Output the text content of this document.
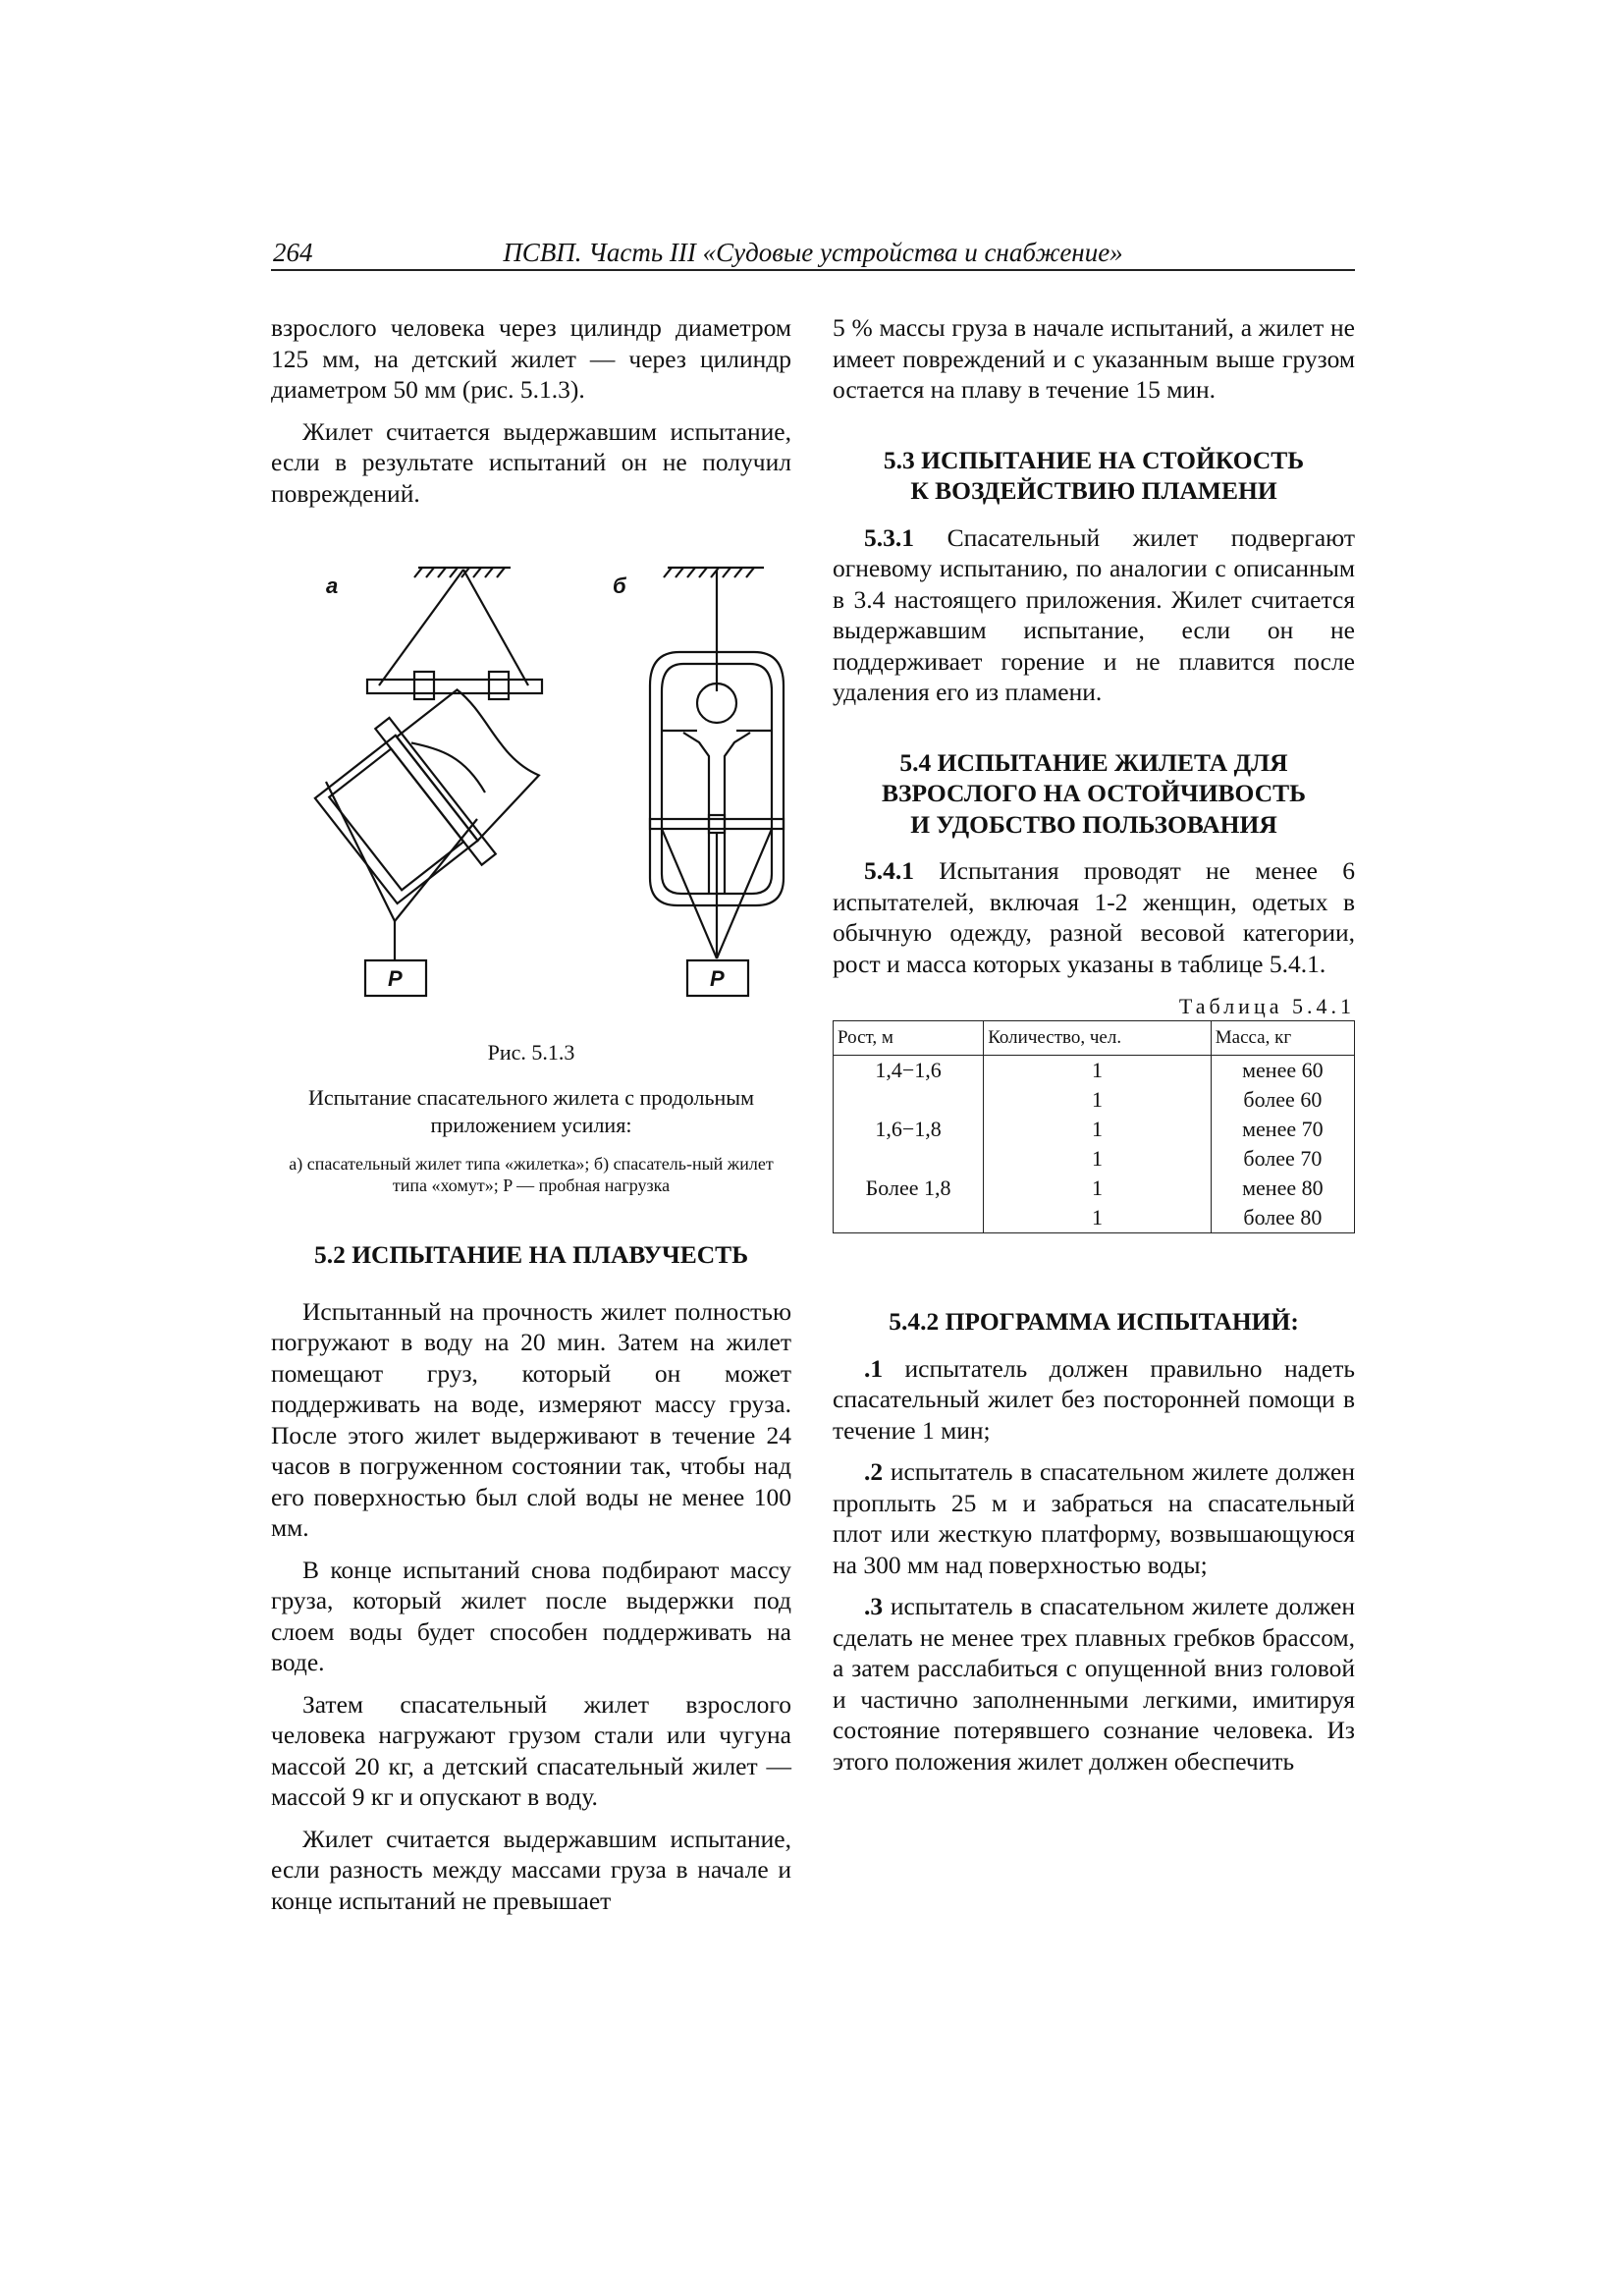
264	ПСВП. Часть III «Судовые устройства и снабжение»

взрослого человека через цилиндр диаметром 125 мм, на детский жилет — через цилиндр диаметром 50 мм (рис. 5.1.3).

Жилет считается выдержавшим испытание, если в результате испытаний он не получил повреждений.

а	б
P	P

Рис. 5.1.3

Испытание спасательного жилета с продольным приложением усилия:

а) спасательный жилет типа «жилетка»; б) спасатель-ный жилет типа «хомут»; P — пробная нагрузка

5.2 ИСПЫТАНИЕ НА ПЛАВУЧЕСТЬ

Испытанный на прочность жилет полностью погружают в воду на 20 мин. Затем на жилет помещают груз, который он может поддерживать на воде, измеряют массу груза. После этого жилет выдерживают в течение 24 часов в погруженном состоянии так, чтобы над его поверхностью был слой воды не менее 100 мм.

В конце испытаний снова подбирают массу груза, который жилет после выдержки под слоем воды будет способен поддерживать на воде.

Затем спасательный жилет взрослого человека нагружают грузом стали или чугуна массой 20 кг, а детский спасательный жилет — массой 9 кг и опускают в воду.

Жилет считается выдержавшим испытание, если разность между массами груза в начале и конце испытаний не превышает

5 % массы груза в начале испытаний, а жилет не имеет повреждений и с указанным выше грузом остается на плаву в течение 15 мин.

5.3 ИСПЫТАНИЕ НА СТОЙКОСТЬ
К ВОЗДЕЙСТВИЮ ПЛАМЕНИ

5.3.1 Спасательный жилет подвергают огневому испытанию, по аналогии с описанным в 3.4 настоящего приложения. Жилет считается выдержавшим испытание, если он не поддерживает горение и не плавится после удаления его из пламени.

5.4 ИСПЫТАНИЕ ЖИЛЕТА ДЛЯ
ВЗРОСЛОГО НА ОСТОЙЧИВОСТЬ
И УДОБСТВО ПОЛЬЗОВАНИЯ

5.4.1 Испытания проводят не менее 6 испытателей, включая 1-2 женщин, одетых в обычную одежду, разной весовой категории, рост и масса которых указаны в таблице 5.4.1.

Таблица 5.4.1

Рост, м	Количество, чел.	Масса, кг
1,4−1,6	1	менее 60
	1	более 60
1,6−1,8	1	менее 70
	1	более 70
Более 1,8	1	менее 80
	1	более 80
5.4.2 ПРОГРАММА ИСПЫТАНИЙ:

.1 испытатель должен правильно надеть спасательный жилет без посторонней помощи в течение 1 мин;

.2 испытатель в спасательном жилете должен проплыть 25 м и забраться на спасательный плот или жесткую платформу, возвышающуюся на 300 мм над поверхностью воды;

.3 испытатель в спасательном жилете должен сделать не менее трех плавных гребков брассом, а затем расслабиться с опущенной вниз головой и частично заполненными легкими, имитируя состояние потерявшего сознание человека. Из этого положения жилет должен обеспечить
